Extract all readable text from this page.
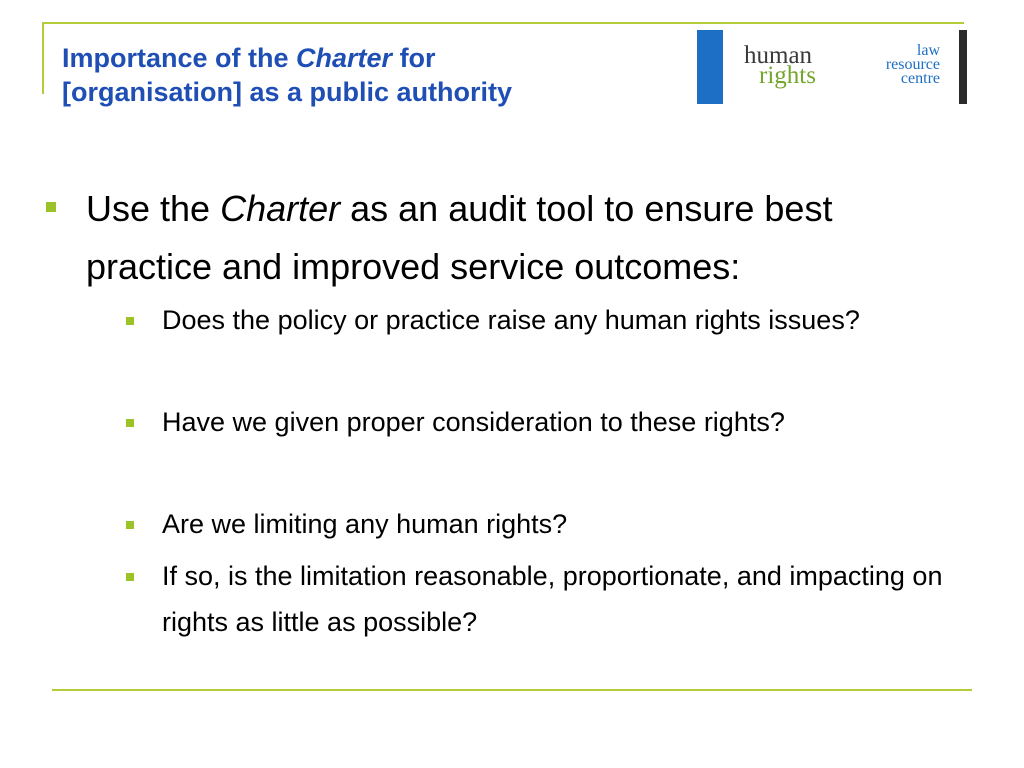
Importance of the Charter for
[organisation] as a public authority
human
rights
law
resource
centre
Use the Charter as an audit tool to ensure best practice and improved service outcomes:
Does the policy or practice raise any human rights issues?
Have we given proper consideration to these rights?
Are we limiting any human rights?
If so, is the limitation reasonable, proportionate, and impacting on rights as little as possible?
